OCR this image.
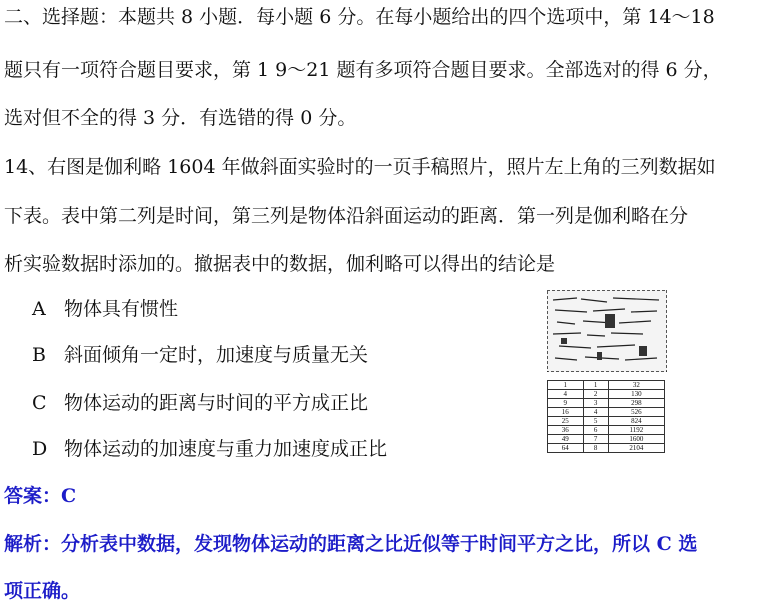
二、选择题：本题共 8 小题．每小题 6 分。在每小题给出的四个选项中，第 14～18
题只有一项符合题目要求，第 1 9～21 题有多项符合题目要求。全部选对的得 6 分，
选对但不全的得 3 分．有选错的得 0 分。
14、右图是伽利略 1604 年做斜面实验时的一页手稿照片，照片左上角的三列数据如
下表。表中第二列是时间，第三列是物体沿斜面运动的距离．第一列是伽利略在分
析实验数据时添加的。撤据表中的数据，伽利略可以得出的结论是
A 物体具有惯性
B 斜面倾角一定时，加速度与质量无关
C 物体运动的距离与时间的平方成正比
D 物体运动的加速度与重力加速度成正比
1	1	32
4	2	130
9	3	298
16	4	526
25	5	824
36	6	1192
49	7	1600
64	8	2104
答案：C
解析：分析表中数据，发现物体运动的距离之比近似等于时间平方之比，所以 C 选
项正确。
